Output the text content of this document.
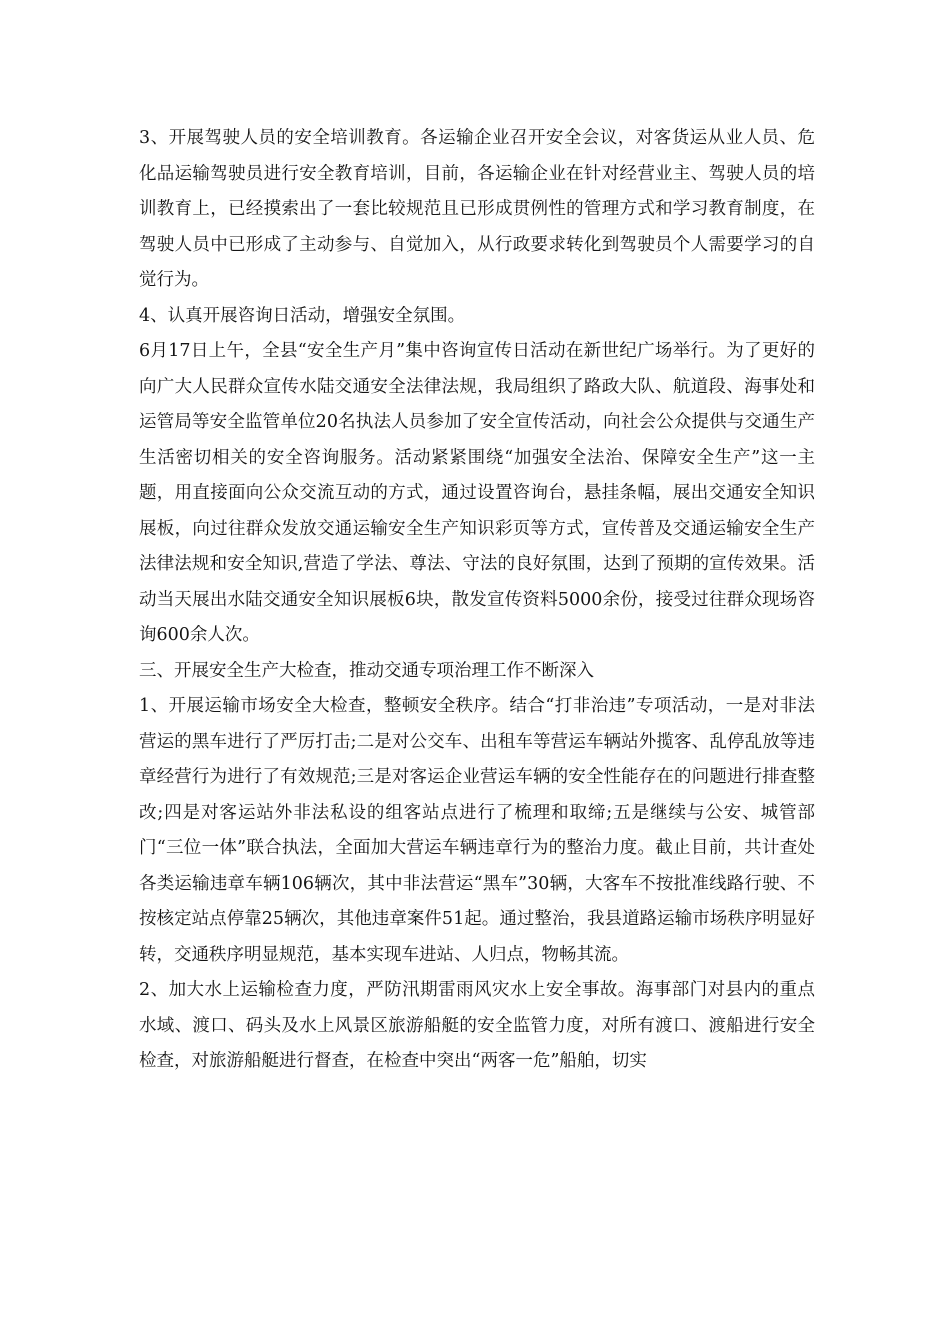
3、开展驾驶人员的安全培训教育。各运输企业召开安全会议，对客货运从业人员、危化品运输驾驶员进行安全教育培训，目前，各运输企业在针对经营业主、驾驶人员的培训教育上，已经摸索出了一套比较规范且已形成贯例性的管理方式和学习教育制度，在驾驶人员中已形成了主动参与、自觉加入，从行政要求转化到驾驶员个人需要学习的自觉行为。

4、认真开展咨询日活动，增强安全氛围。

6月17日上午，全县“安全生产月”集中咨询宣传日活动在新世纪广场举行。为了更好的向广大人民群众宣传水陆交通安全法律法规，我局组织了路政大队、航道段、海事处和运管局等安全监管单位20名执法人员参加了安全宣传活动，向社会公众提供与交通生产生活密切相关的安全咨询服务。活动紧紧围绕“加强安全法治、保障安全生产”这一主题，用直接面向公众交流互动的方式，通过设置咨询台，悬挂条幅，展出交通安全知识展板，向过往群众发放交通运输安全生产知识彩页等方式，宣传普及交通运输安全生产法律法规和安全知识,营造了学法、尊法、守法的良好氛围，达到了预期的宣传效果。活动当天展出水陆交通安全知识展板6块，散发宣传资料5000余份，接受过往群众现场咨询600余人次。

三、开展安全生产大检查，推动交通专项治理工作不断深入

1、开展运输市场安全大检查，整顿安全秩序。结合“打非治违”专项活动，一是对非法营运的黑车进行了严厉打击;二是对公交车、出租车等营运车辆站外揽客、乱停乱放等违章经营行为进行了有效规范;三是对客运企业营运车辆的安全性能存在的问题进行排查整改;四是对客运站外非法私设的组客站点进行了梳理和取缔;五是继续与公安、城管部门“三位一体”联合执法，全面加大营运车辆违章行为的整治力度。截止目前，共计查处各类运输违章车辆106辆次，其中非法营运“黑车”30辆，大客车不按批准线路行驶、不按核定站点停靠25辆次，其他违章案件51起。通过整治，我县道路运输市场秩序明显好转，交通秩序明显规范，基本实现车进站、人归点，物畅其流。

2、加大水上运输检查力度，严防汛期雷雨风灾水上安全事故。海事部门对县内的重点水域、渡口、码头及水上风景区旅游船艇的安全监管力度，对所有渡口、渡船进行安全检查，对旅游船艇进行督查，在检查中突出“两客一危”船舶，切实
